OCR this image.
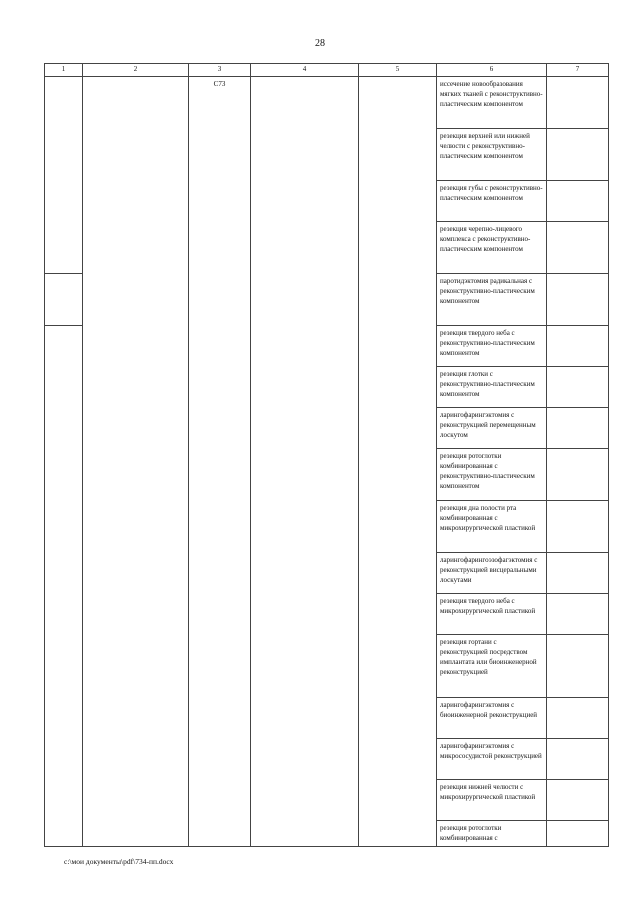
28
1	2	3	4	5	6	7
		C73			иссечение новообразования мягких тканей с реконструктивно-пластическим компонентом	
					резекция верхней или нижней челюсти с реконструктивно-пластическим компонентом	
					резекция губы с реконструктивно-пластическим компонентом	
					резекция черепно-лицевого комплекса с реконструктивно-пластическим компонентом	
					паротидэктомия радикальная с реконструктивно-пластическим компонентом	
					резекция твердого неба с реконструктивно-пластическим компонентом	
					резекция глотки с реконструктивно-пластическим компонентом	
					ларингофарингэктомия с реконструкцией перемещенным лоскутом	
					резекция ротоглотки комбинированная с реконструктивно-пластическим компонентом	
					резекция дна полости рта комбинированная с микрохирургической пластикой	
					ларингофарингоэзофагэктомия с реконструкцией висцеральными лоскутами	
					резекция твердого неба с микрохирургической пластикой	
					резекция гортани с реконструкцией посредством имплантата или биоинженерной реконструкцией	
					ларингофарингэктомия с биоинженерной реконструкцией	
					ларингофарингэктомия с микрососудистой реконструкцией	
					резекция нижней челюсти с микрохирургической пластикой	
					резекция ротоглотки комбинированная с	
c:\мои документы\pdf\734-пп.docx
